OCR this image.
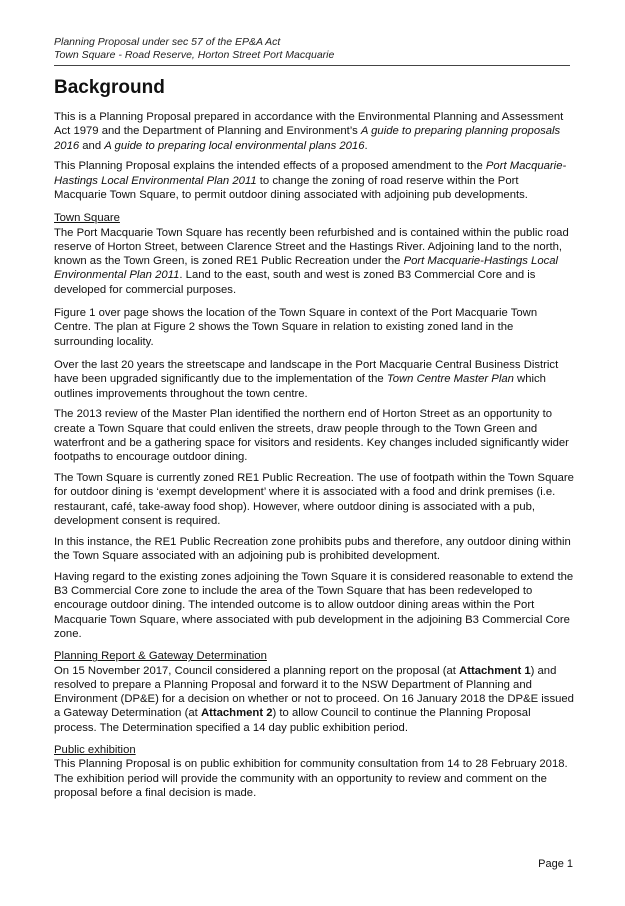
Planning Proposal under sec 57 of the EP&A Act
Town Square - Road Reserve, Horton Street Port Macquarie
Background

This is a Planning Proposal prepared in accordance with the Environmental Planning and Assessment Act 1979 and the Department of Planning and Environment’s A guide to preparing planning proposals 2016 and A guide to preparing local environmental plans 2016.

This Planning Proposal explains the intended effects of a proposed amendment to the Port Macquarie-Hastings Local Environmental Plan 2011 to change the zoning of road reserve within the Port Macquarie Town Square, to permit outdoor dining associated with adjoining pub developments.

Town Square

The Port Macquarie Town Square has recently been refurbished and is contained within the public road reserve of Horton Street, between Clarence Street and the Hastings River. Adjoining land to the north, known as the Town Green, is zoned RE1 Public Recreation under the Port Macquarie-Hastings Local Environmental Plan 2011. Land to the east, south and west is zoned B3 Commercial Core and is developed for commercial purposes.

Figure 1 over page shows the location of the Town Square in context of the Port Macquarie Town Centre. The plan at Figure 2 shows the Town Square in relation to existing zoned land in the surrounding locality.

Over the last 20 years the streetscape and landscape in the Port Macquarie Central Business District have been upgraded significantly due to the implementation of the Town Centre Master Plan which outlines improvements throughout the town centre.

The 2013 review of the Master Plan identified the northern end of Horton Street as an opportunity to create a Town Square that could enliven the streets, draw people through to the Town Green and waterfront and be a gathering space for visitors and residents. Key changes included significantly wider footpaths to encourage outdoor dining.

The Town Square is currently zoned RE1 Public Recreation. The use of footpath within the Town Square for outdoor dining is ‘exempt development’ where it is associated with a food and drink premises (i.e. restaurant, café, take-away food shop). However, where outdoor dining is associated with a pub, development consent is required.

In this instance, the RE1 Public Recreation zone prohibits pubs and therefore, any outdoor dining within the Town Square associated with an adjoining pub is prohibited development.

Having regard to the existing zones adjoining the Town Square it is considered reasonable to extend the B3 Commercial Core zone to include the area of the Town Square that has been redeveloped to encourage outdoor dining. The intended outcome is to allow outdoor dining areas within the Port Macquarie Town Square, where associated with pub development in the adjoining B3 Commercial Core zone.

Planning Report & Gateway Determination

On 15 November 2017, Council considered a planning report on the proposal (at Attachment 1) and resolved to prepare a Planning Proposal and forward it to the NSW Department of Planning and Environment (DP&E) for a decision on whether or not to proceed. On 16 January 2018 the DP&E issued a Gateway Determination (at Attachment 2) to allow Council to continue the Planning Proposal process. The Determination specified a 14 day public exhibition period.

Public exhibition

This Planning Proposal is on public exhibition for community consultation from 14 to 28 February 2018. The exhibition period will provide the community with an opportunity to review and comment on the proposal before a final decision is made.

Page 1
